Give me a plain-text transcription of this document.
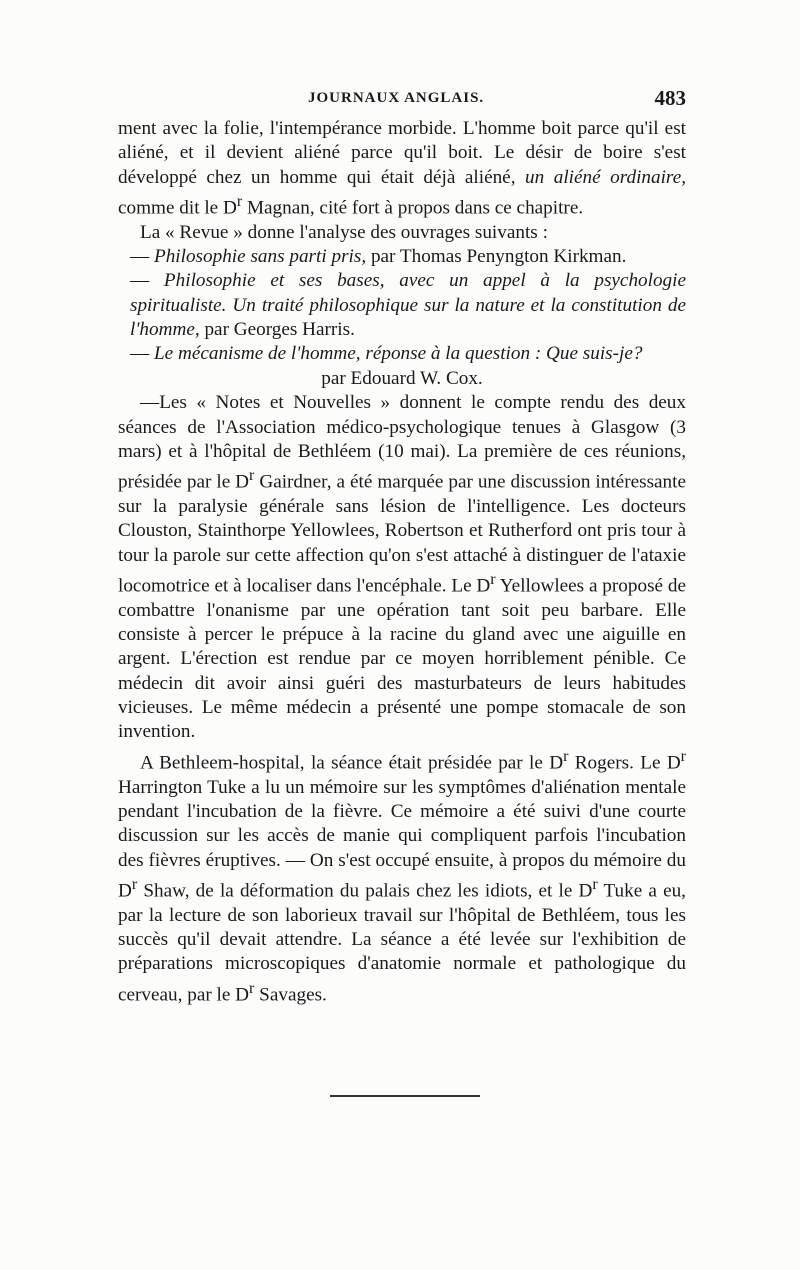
JOURNAUX ANGLAIS.	483

ment avec la folie, l'intempérance morbide. L'homme boit parce qu'il est aliéné, et il devient aliéné parce qu'il boit. Le désir de boire s'est développé chez un homme qui était déjà aliéné, un aliéné ordinaire, comme dit le $D^r$ Magnan, cité fort à propos dans ce chapitre.

La « Revue » donne l'analyse des ouvrages suivants :

— Philosophie sans parti pris, par Thomas Penyngton Kirkman.

— Philosophie et ses bases, avec un appel à la psychologie spiritualiste. Un traité philosophique sur la nature et la constitution de l'homme, par Georges Harris.

— Le mécanisme de l'homme, réponse à la question : Que suis-je?

par Edouard W. Cox.

—Les « Notes et Nouvelles » donnent le compte rendu des deux séances de l'Association médico-psychologique tenues à Glasgow (3 mars) et à l'hôpital de Bethléem (10 mai). La première de ces réunions, présidée par le $D^r$ Gairdner, a été marquée par une discussion intéressante sur la paralysie générale sans lésion de l'intelligence. Les docteurs Clouston, Stainthorpe Yellowlees, Robertson et Rutherford ont pris tour à tour la parole sur cette affection qu'on s'est attaché à distinguer de l'ataxie locomotrice et à localiser dans l'encéphale. Le $D^r$ Yellowlees a proposé de combattre l'onanisme par une opération tant soit peu barbare. Elle consiste à percer le prépuce à la racine du gland avec une aiguille en argent. L'érection est rendue par ce moyen horriblement pénible. Ce médecin dit avoir ainsi guéri des masturbateurs de leurs habitudes vicieuses. Le même médecin a présenté une pompe stomacale de son invention.

A Bethleem-hospital, la séance était présidée par le $D^r$ Rogers. Le $D^r$ Harrington Tuke a lu un mémoire sur les symptômes d'aliénation mentale pendant l'incubation de la fièvre. Ce mémoire a été suivi d'une courte discussion sur les accès de manie qui compliquent parfois l'incubation des fièvres éruptives. — On s'est occupé ensuite, à propos du mémoire du $D^r$ Shaw, de la déformation du palais chez les idiots, et le $D^r$ Tuke a eu, par la lecture de son laborieux travail sur l'hôpital de Bethléem, tous les succès qu'il devait attendre. La séance a été levée sur l'exhibition de préparations microscopiques d'anatomie normale et pathologique du cerveau, par le $D^r$ Savages.
